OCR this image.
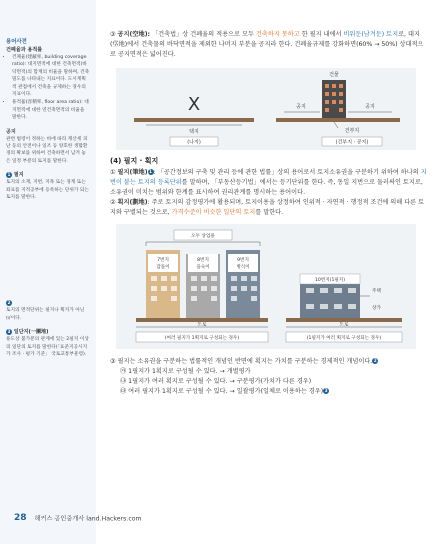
용어사전
건폐율과 용적률
• 건폐율(建蔽率, building coverage ratio): 대지면적에 대한 건축면적(바닥면적)의 합계의 비율을 말하며, 건축밀도를 나타내는 지표이다. 도시계획적 관점에서 건축을 규제하는 경우의 지표이다.
• 용적률(容積率, floor area ratio): 대지면적에 대한 연건축면적의 비율을 말한다.
공지

관련 법령이 정하는 바에 따라 재산세 피난 등의 안전이나 일조 등 양호한 생활환경의 확보를 위하여 건축하면서 남겨 놓은 일정 부분의 토지를 말한다.

1 필지

토지의 소재, 지번, 지목 또는 경계 또는 좌표를 지적공부에 등록하는 단위가 되는 토지를 말한다.

2

토지의 면적단위는 필지나 획지가 아닌 ㎡이다.

3 일단지(一團地)

용도상 불가분의 관계에 있는 2필지 이상의 일단의 토지를 말한다(「표준지공시지가 조사 · 평가 기준」 국토교통부훈령).

③ 공지(空地): 「건축법」상 건폐율의 적용으로 모두 건축하지 못하고 한 필지 내에서 비워둔(남겨둔) 토지로, 대지(垈地)에서 건축물의 바닥면적을 제외한 나머지 부분을 공지라 한다. 건폐율규제를 강화하면(60% → 50%) 상대적으로 공지면적은 넓어진다.

X
택지
건물
공지	공지
건부지
(나지)	(건부지 · 공지)
(4) 필지 · 획지

① 필지(筆地) 1 : 「공간정보의 구축 및 관리 등에 관한 법률」상의 용어로서 토지소유권을 구분하기 위하여 하나의 지번이 붙는 토지의 등록단위를 말하며, 「부동산등기법」에서는 등기단위를 한다. 즉, 동일 지번으로 둘러싸인 토지로, 소유권이 미치는 범위와 한계를 표시하여 권리관계를 명시하는 용어이다.

② 획지(劃地): 주로 토지의 감정평가에 활용되며, 토지이용을 상정하여 인위적 · 자연적 · 행정적 조건에 의해 다른 토지와 구별되는 것으로, 가격수준이 비슷한 일단의 토지를 말한다.

오두 상업용
7번지
갑돌이
8번지
을숙이
9번지
병식이
도로
(여러 필지가 1획지로 구성되는 경우)
10번지(1필지)
주택
상가
도로
(1필지가 여러 획지로 구성되는 경우)

③ 필지는 소유권을 구분하는 법률적인 개념인 반면에 획지는 가치를 구분하는 경제적인 개념이다. 2

㉮ 1필지가 1획지로 구성될 수 있다. → 개별평가

㉯ 1필지가 여러 획지로 구성될 수 있다. → 구분평가(가치가 다른 경우)

㉰ 여러 필지가 1획지로 구성될 수 있다. → 일괄평가(일체로 이용하는 경우) 3

28 해커스 공인중개사 land.Hackers.com
